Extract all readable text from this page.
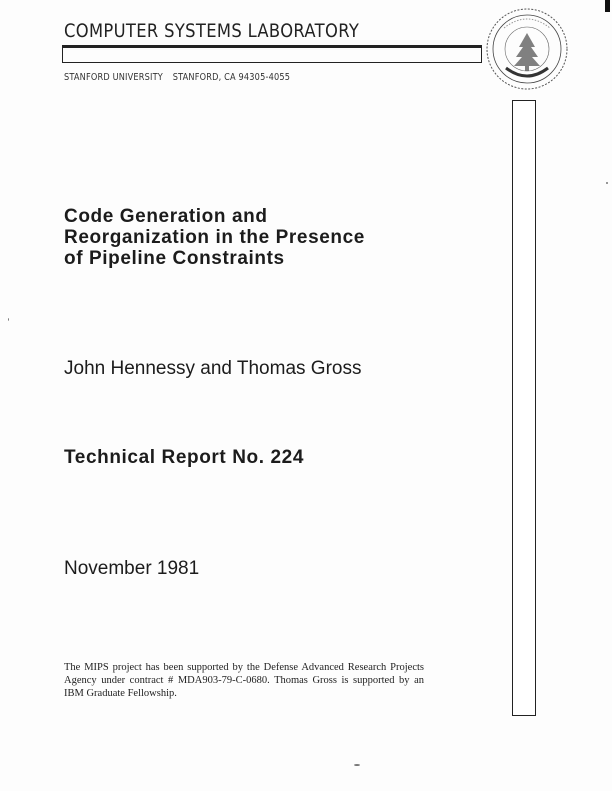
COMPUTER SYSTEMS LABORATORY
STANFORD UNIVERSITY STANFORD, CA 94305-4055
Code Generation and
Reorganization in the Presence
of Pipeline Constraints
John Hennessy and Thomas Gross
Technical Report No. 224
November 1981
The MIPS project has been supported by the Defense Advanced Research Projects Agency under contract # MDA903-79-C-0680. Thomas Gross is supported by an IBM Graduate Fellowship.
